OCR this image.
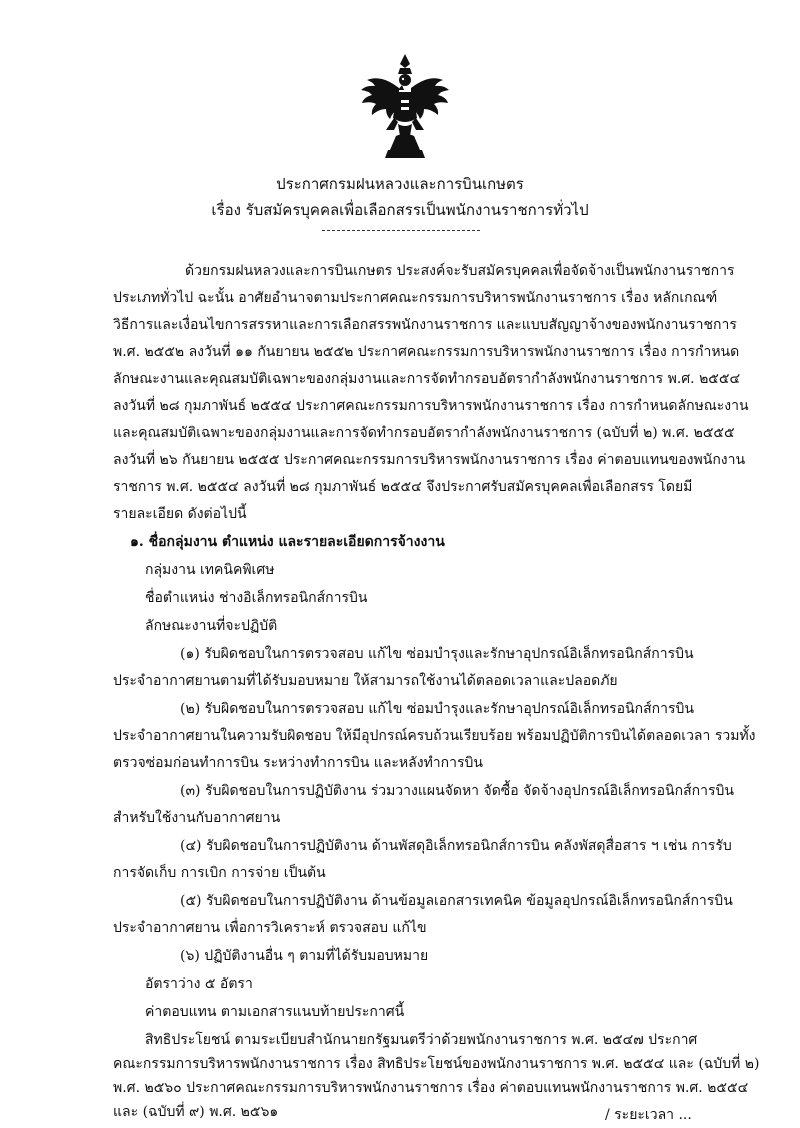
ประกาศกรมฝนหลวงและการบินเกษตร
เรื่อง รับสมัครบุคคลเพื่อเลือกสรรเป็นพนักงานราชการทั่วไป
ด้วยกรมฝนหลวงและการบินเกษตร ประสงค์จะรับสมัครบุคคลเพื่อจัดจ้างเป็นพนักงานราชการ
ประเภททั่วไป ฉะนั้น อาศัยอำนาจตามประกาศคณะกรรมการบริหารพนักงานราชการ เรื่อง หลักเกณฑ์
วิธีการและเงื่อนไขการสรรหาและการเลือกสรรพนักงานราชการ และแบบสัญญาจ้างของพนักงานราชการ
พ.ศ. ๒๕๕๒ ลงวันที่ ๑๑ กันยายน ๒๕๕๒ ประกาศคณะกรรมการบริหารพนักงานราชการ เรื่อง การกำหนด
ลักษณะงานและคุณสมบัติเฉพาะของกลุ่มงานและการจัดทำกรอบอัตรากำลังพนักงานราชการ พ.ศ. ๒๕๕๔
ลงวันที่ ๒๘ กุมภาพันธ์ ๒๕๕๔ ประกาศคณะกรรมการบริหารพนักงานราชการ เรื่อง การกำหนดลักษณะงาน
และคุณสมบัติเฉพาะของกลุ่มงานและการจัดทำกรอบอัตรากำลังพนักงานราชการ (ฉบับที่ ๒) พ.ศ. ๒๕๕๕
ลงวันที่ ๒๖ กันยายน ๒๕๕๕ ประกาศคณะกรรมการบริหารพนักงานราชการ เรื่อง ค่าตอบแทนของพนักงาน
ราชการ พ.ศ. ๒๕๕๔ ลงวันที่ ๒๘ กุมภาพันธ์ ๒๕๕๔ จึงประกาศรับสมัครบุคคลเพื่อเลือกสรร โดยมี
รายละเอียด ดังต่อไปนี้
๑. ชื่อกลุ่มงาน ตำแหน่ง และรายละเอียดการจ้างงาน
กลุ่มงาน เทคนิคพิเศษ
ชื่อตำแหน่ง ช่างอิเล็กทรอนิกส์การบิน
ลักษณะงานที่จะปฏิบัติ
(๑) รับผิดชอบในการตรวจสอบ แก้ไข ซ่อมบำรุงและรักษาอุปกรณ์อิเล็กทรอนิกส์การบิน
ประจำอากาศยานตามที่ได้รับมอบหมาย ให้สามารถใช้งานได้ตลอดเวลาและปลอดภัย
(๒) รับผิดชอบในการตรวจสอบ แก้ไข ซ่อมบำรุงและรักษาอุปกรณ์อิเล็กทรอนิกส์การบิน
ประจำอากาศยานในความรับผิดชอบ ให้มีอุปกรณ์ครบถ้วนเรียบร้อย พร้อมปฏิบัติการบินได้ตลอดเวลา รวมทั้ง
ตรวจซ่อมก่อนทำการบิน ระหว่างทำการบิน และหลังทำการบิน
(๓) รับผิดชอบในการปฏิบัติงาน ร่วมวางแผนจัดหา จัดซื้อ จัดจ้างอุปกรณ์อิเล็กทรอนิกส์การบิน
สำหรับใช้งานกับอากาศยาน
(๔) รับผิดชอบในการปฏิบัติงาน ด้านพัสดุอิเล็กทรอนิกส์การบิน คลังพัสดุสื่อสาร ฯ เช่น การรับ
การจัดเก็บ การเบิก การจ่าย เป็นต้น
(๕) รับผิดชอบในการปฏิบัติงาน ด้านข้อมูลเอกสารเทคนิค ข้อมูลอุปกรณ์อิเล็กทรอนิกส์การบิน
ประจำอากาศยาน เพื่อการวิเคราะห์ ตรวจสอบ แก้ไข
(๖) ปฏิบัติงานอื่น ๆ ตามที่ได้รับมอบหมาย
อัตราว่าง ๕ อัตรา
ค่าตอบแทน ตามเอกสารแนบท้ายประกาศนี้
สิทธิประโยชน์ ตามระเบียบสำนักนายกรัฐมนตรีว่าด้วยพนักงานราชการ พ.ศ. ๒๕๔๗ ประกาศ
คณะกรรมการบริหารพนักงานราชการ เรื่อง สิทธิประโยชน์ของพนักงานราชการ พ.ศ. ๒๕๕๔ และ (ฉบับที่ ๒)
พ.ศ. ๒๕๖๐ ประกาศคณะกรรมการบริหารพนักงานราชการ เรื่อง ค่าตอบแทนพนักงานราชการ พ.ศ. ๒๕๕๔
และ (ฉบับที่ ๙) พ.ศ. ๒๕๖๑	/ ระยะเวลา ...
